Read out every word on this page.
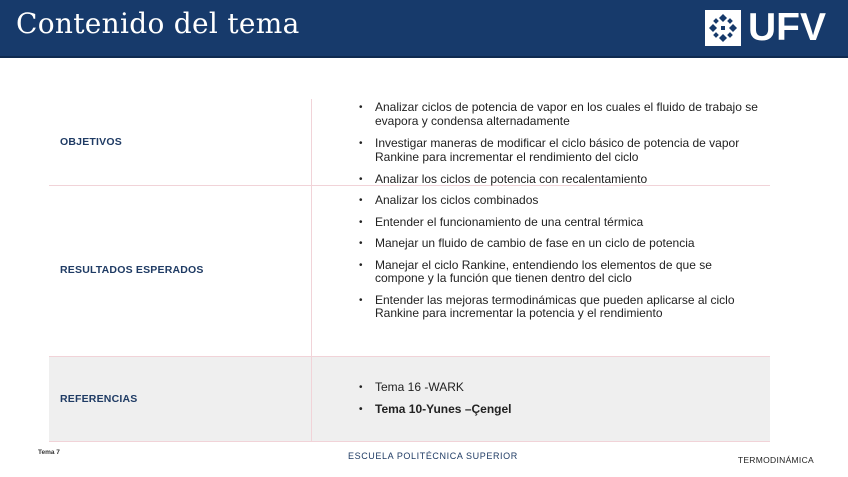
Contenido del tema	UFV
OBJETIVOS
• Analizar ciclos de potencia de vapor en los cuales el fluido de trabajo se evapora y condensa alternadamente
• Investigar maneras de modificar el ciclo básico de potencia de vapor Rankine para incrementar el rendimiento del ciclo
• Analizar los ciclos de potencia con recalentamiento
RESULTADOS ESPERADOS
• Analizar los ciclos combinados
• Entender el funcionamiento de una central térmica
• Manejar un fluido de cambio de fase en un ciclo de potencia
• Manejar el ciclo Rankine, entendiendo los elementos de que se compone y la función que tienen dentro del ciclo
• Entender las mejoras termodinámicas que pueden aplicarse al ciclo Rankine para incrementar la potencia y el rendimiento
REFERENCIAS
• Tema 16 -WARK
• Tema 10-Yunes –Çengel
Tema 7	ESCUELA POLITÉCNICA SUPERIOR	TERMODINÁMICA
